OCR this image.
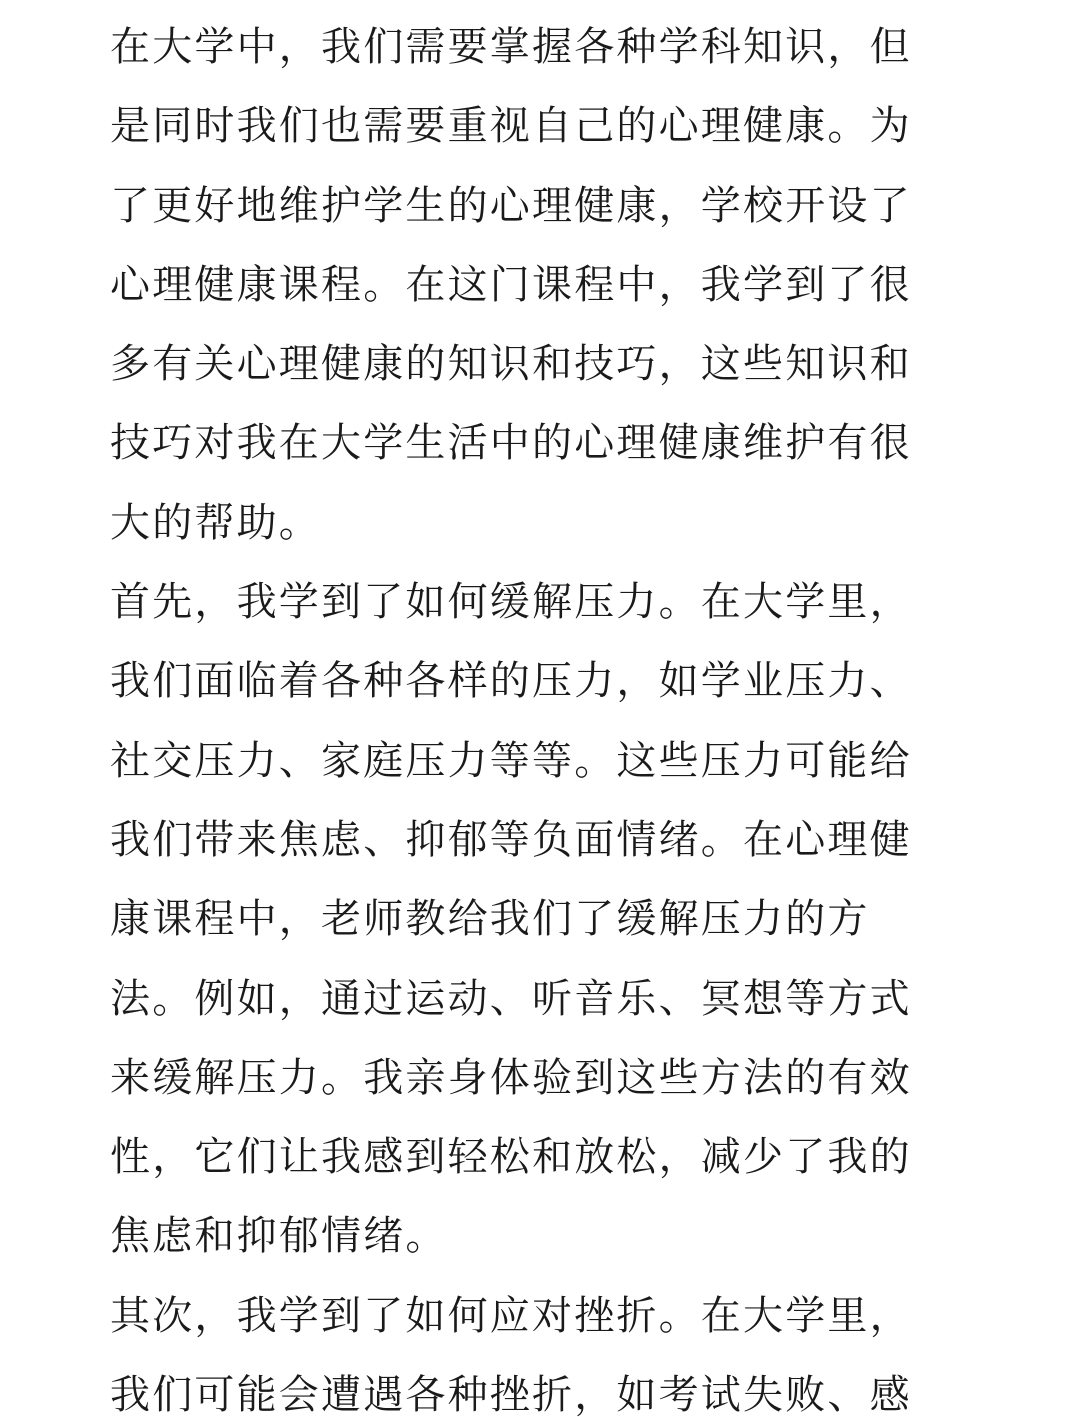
在大学中，我们需要掌握各种学科知识，但
是同时我们也需要重视自己的心理健康。为
了更好地维护学生的心理健康，学校开设了
心理健康课程。在这门课程中，我学到了很
多有关心理健康的知识和技巧，这些知识和
技巧对我在大学生活中的心理健康维护有很
大的帮助。
首先，我学到了如何缓解压力。在大学里，
我们面临着各种各样的压力，如学业压力、
社交压力、家庭压力等等。这些压力可能给
我们带来焦虑、抑郁等负面情绪。在心理健
康课程中，老师教给我们了缓解压力的方
法。例如，通过运动、听音乐、冥想等方式
来缓解压力。我亲身体验到这些方法的有效
性，它们让我感到轻松和放松，减少了我的
焦虑和抑郁情绪。
其次，我学到了如何应对挫折。在大学里，
我们可能会遭遇各种挫折，如考试失败、感
